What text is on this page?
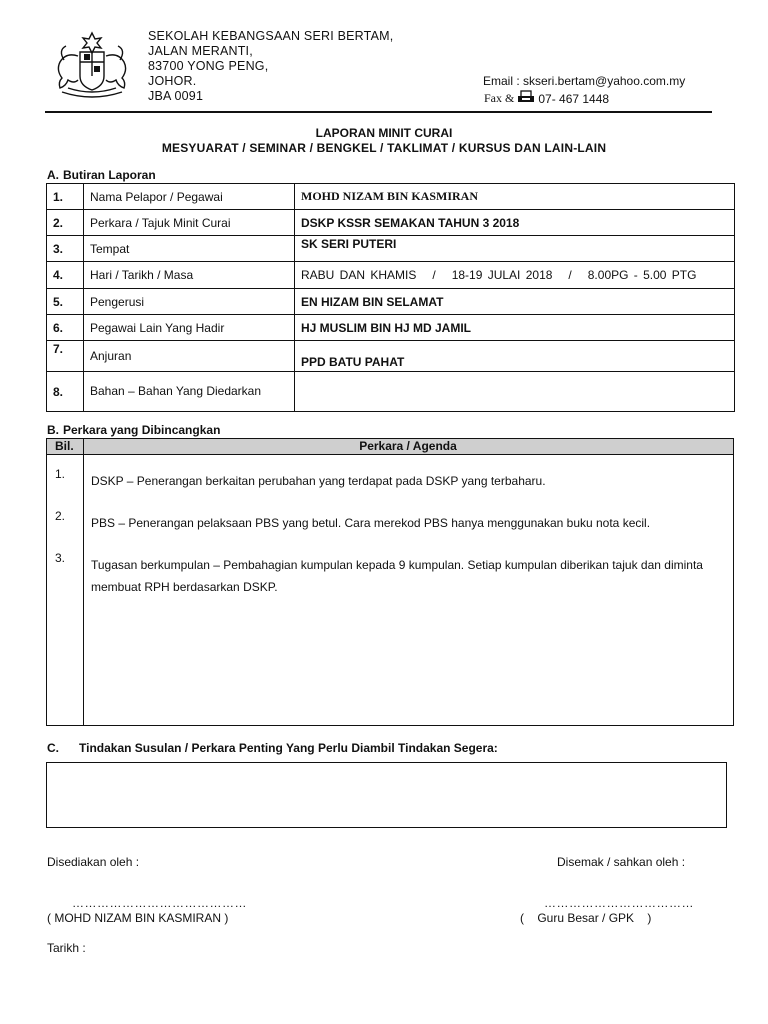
SEKOLAH KEBANGSAAN SERI BERTAM,
JALAN MERANTI,
83700 YONG PENG,
JOHOR.
JBA 0091
Email : skseri.bertam@yahoo.com.my
Fax & 07- 467 1448
LAPORAN MINIT CURAI
MESYUARAT / SEMINAR / BENGKEL / TAKLIMAT / KURSUS DAN LAIN-LAIN
A. Butiran Laporan
1.	Nama Pelapor / Pegawai	MOHD NIZAM BIN KASMIRAN
2.	Perkara / Tajuk Minit Curai	DSKP KSSR SEMAKAN TAHUN 3 2018
3.	Tempat	SK SERI PUTERI
4.	Hari / Tarikh / Masa	RABU DAN KHAMIS   /   18-19 JULAI 2018   /   8.00PG - 5.00 PTG
5.	Pengerusi	EN HIZAM BIN SELAMAT
6.	Pegawai Lain Yang Hadir	HJ MUSLIM BIN HJ MD JAMIL
7.	Anjuran	PPD BATU PAHAT
8.	Bahan – Bahan Yang Diedarkan	
B. Perkara yang Dibincangkan
Bil.	Perkara / Agenda
1. DSKP – Penerangan berkaitan perubahan yang terdapat pada DSKP yang terbaharu.
2. PBS – Penerangan pelaksaan PBS yang betul. Cara merekod PBS hanya menggunakan buku nota kecil.
3. Tugasan berkumpulan – Pembahagian kumpulan kepada 9 kumpulan. Setiap kumpulan diberikan tajuk dan diminta membuat RPH berdasarkan DSKP.
C. Tindakan Susulan / Perkara Penting Yang Perlu Diambil Tindakan Segera:
Disediakan oleh :	Disemak / sahkan oleh :
……………………………………	………………………………
( MOHD NIZAM BIN KASMIRAN )	(    Guru Besar / GPK    )
Tarikh :
